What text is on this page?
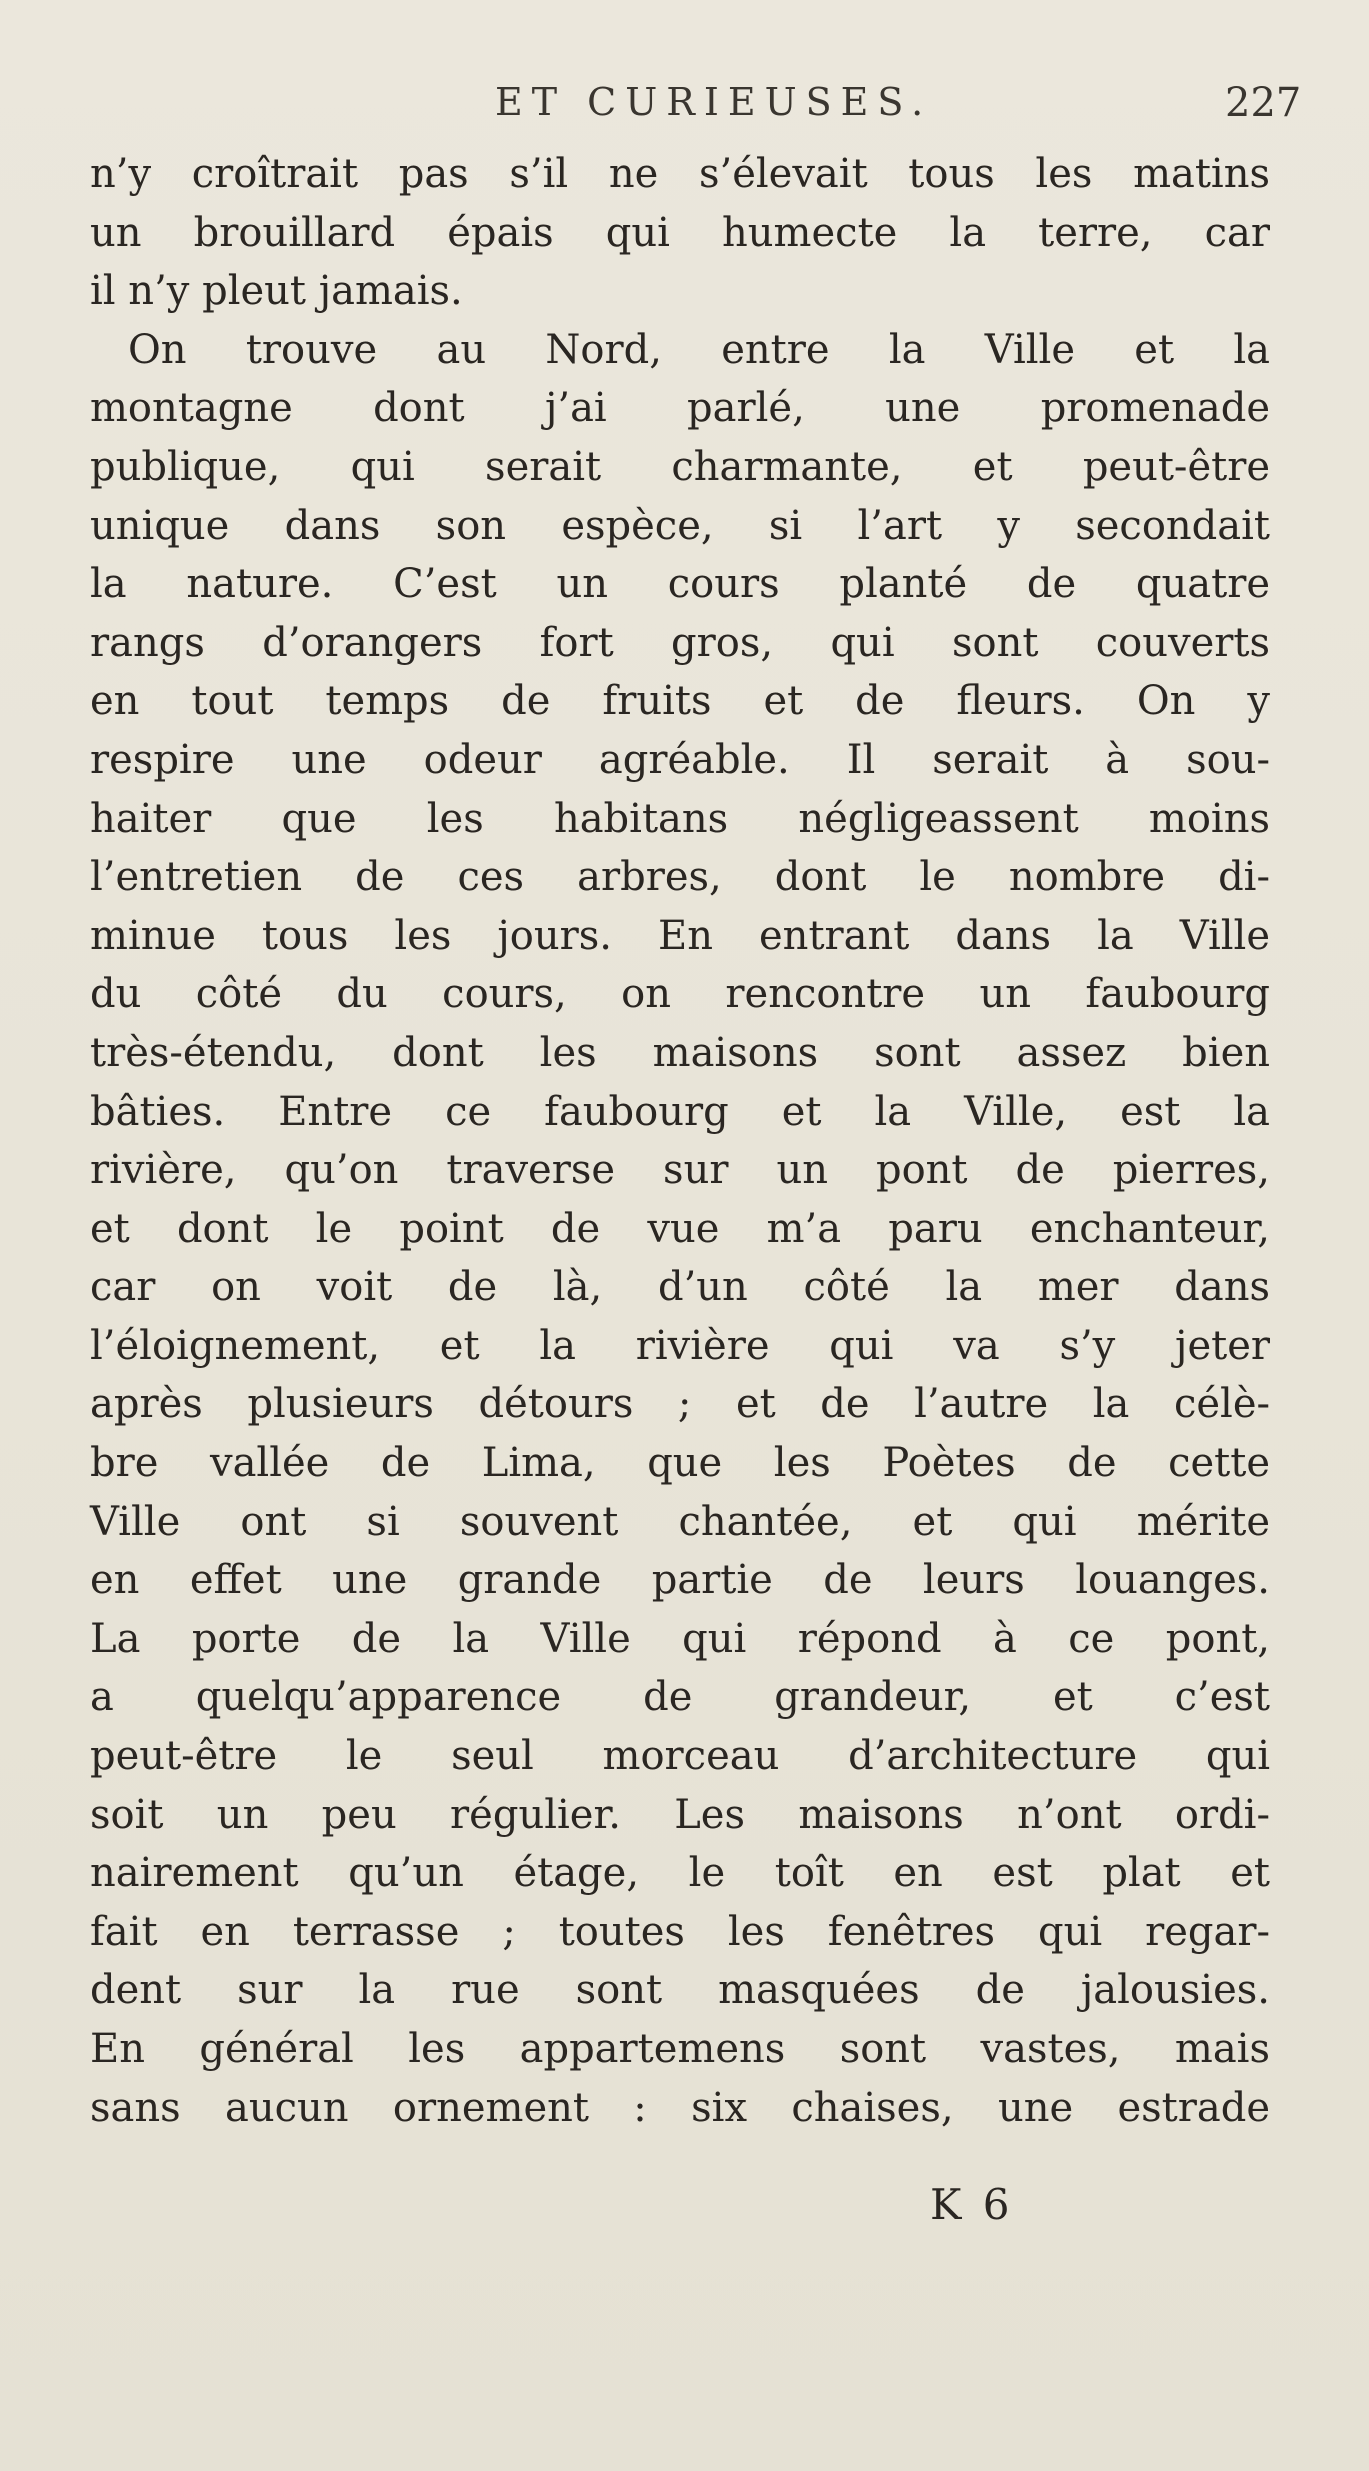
ET CURIEUSES.	227
n’y croîtrait pas s’il ne s’élevait tous les matins
un brouillard épais qui humecte la terre, car
il n’y pleut jamais.
On trouve au Nord, entre la Ville et la
montagne dont j’ai parlé, une promenade
publique, qui serait charmante, et peut-être
unique dans son espèce, si l’art y secondait
la nature. C’est un cours planté de quatre
rangs d’orangers fort gros, qui sont couverts
en tout temps de fruits et de fleurs. On y
respire une odeur agréable. Il serait à sou-
haiter que les habitans négligeassent moins
l’entretien de ces arbres, dont le nombre di-
minue tous les jours. En entrant dans la Ville
du côté du cours, on rencontre un faubourg
très-étendu, dont les maisons sont assez bien
bâties. Entre ce faubourg et la Ville, est la
rivière, qu’on traverse sur un pont de pierres,
et dont le point de vue m’a paru enchanteur,
car on voit de là, d’un côté la mer dans
l’éloignement, et la rivière qui va s’y jeter
après plusieurs détours ; et de l’autre la célè-
bre vallée de Lima, que les Poètes de cette
Ville ont si souvent chantée, et qui mérite
en effet une grande partie de leurs louanges.
La porte de la Ville qui répond à ce pont,
a quelqu’apparence de grandeur, et c’est
peut-être le seul morceau d’architecture qui
soit un peu régulier. Les maisons n’ont ordi-
nairement qu’un étage, le toît en est plat et
fait en terrasse ; toutes les fenêtres qui regar-
dent sur la rue sont masquées de jalousies.
En général les appartemens sont vastes, mais
sans aucun ornement : six chaises, une estrade
K 6
